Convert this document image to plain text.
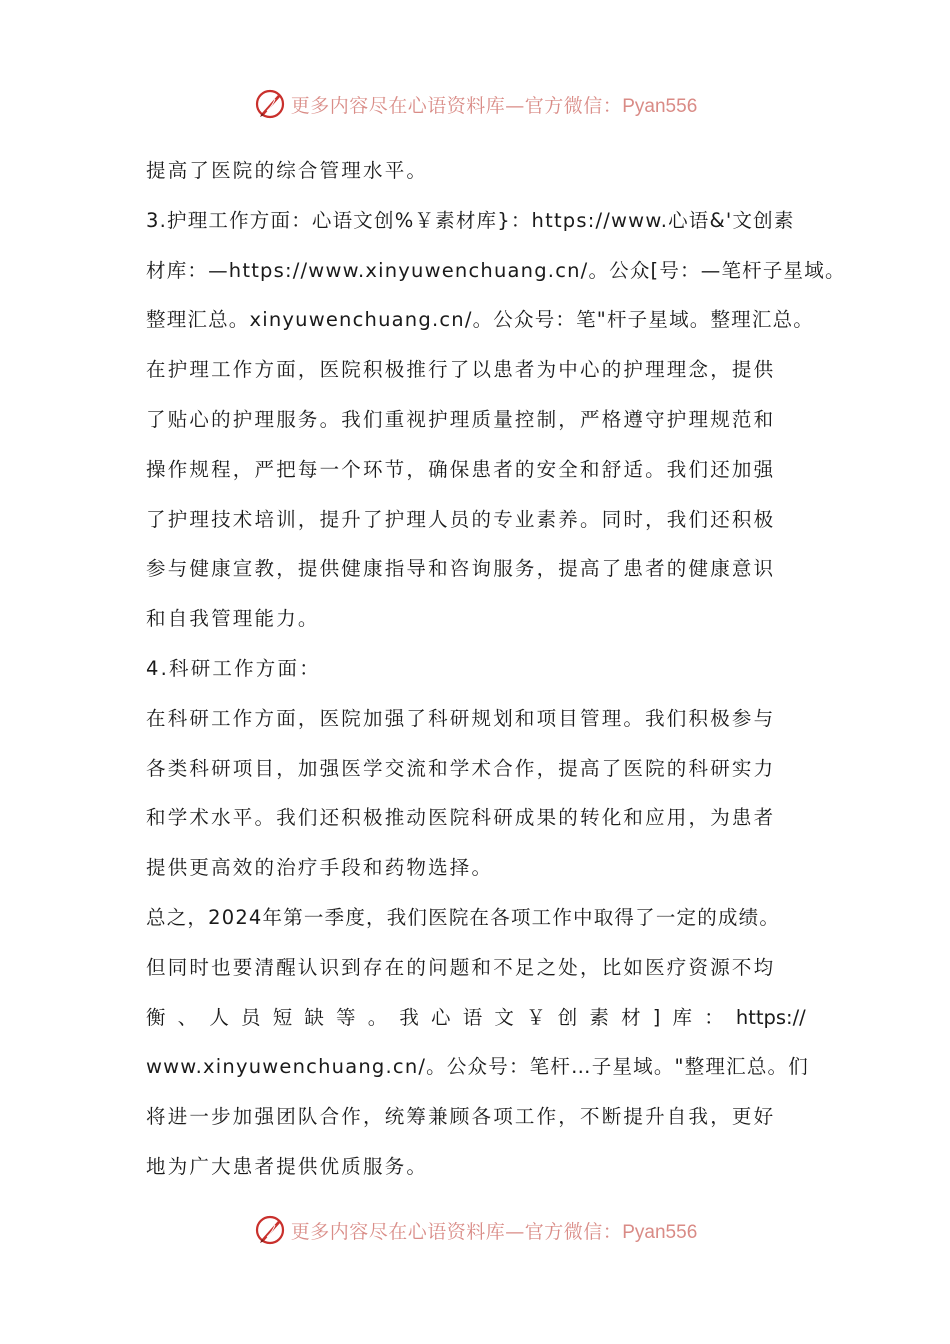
更多内容尽在心语资料库—官方微信：Pyan556
提高了医院的综合管理水平。
3.护理工作方面：心语文创%￥素材库}：https://www.心语&'文创素
材库：—https://www.xinyuwenchuang.cn/。公众[号：—笔杆子星域。
整理汇总。xinyuwenchuang.cn/。公众号：笔"杆子星域。整理汇总。
在护理工作方面，医院积极推行了以患者为中心的护理理念，提供
了贴心的护理服务。我们重视护理质量控制，严格遵守护理规范和
操作规程，严把每一个环节，确保患者的安全和舒适。我们还加强
了护理技术培训，提升了护理人员的专业素养。同时，我们还积极
参与健康宣教，提供健康指导和咨询服务，提高了患者的健康意识
和自我管理能力。
4.科研工作方面：
在科研工作方面，医院加强了科研规划和项目管理。我们积极参与
各类科研项目，加强医学交流和学术合作，提高了医院的科研实力
和学术水平。我们还积极推动医院科研成果的转化和应用，为患者
提供更高效的治疗手段和药物选择。
总之，2024年第一季度，我们医院在各项工作中取得了一定的成绩。
但同时也要清醒认识到存在的问题和不足之处，比如医疗资源不均
衡 、 人 员 短 缺 等 。 我 心 语 文 ￥ 创 素 材 ] 库 ： https://
www.xinyuwenchuang.cn/。公众号：笔杆…子星域。"整理汇总。们
将进一步加强团队合作，统筹兼顾各项工作，不断提升自我，更好
地为广大患者提供优质服务。
更多内容尽在心语资料库—官方微信：Pyan556
